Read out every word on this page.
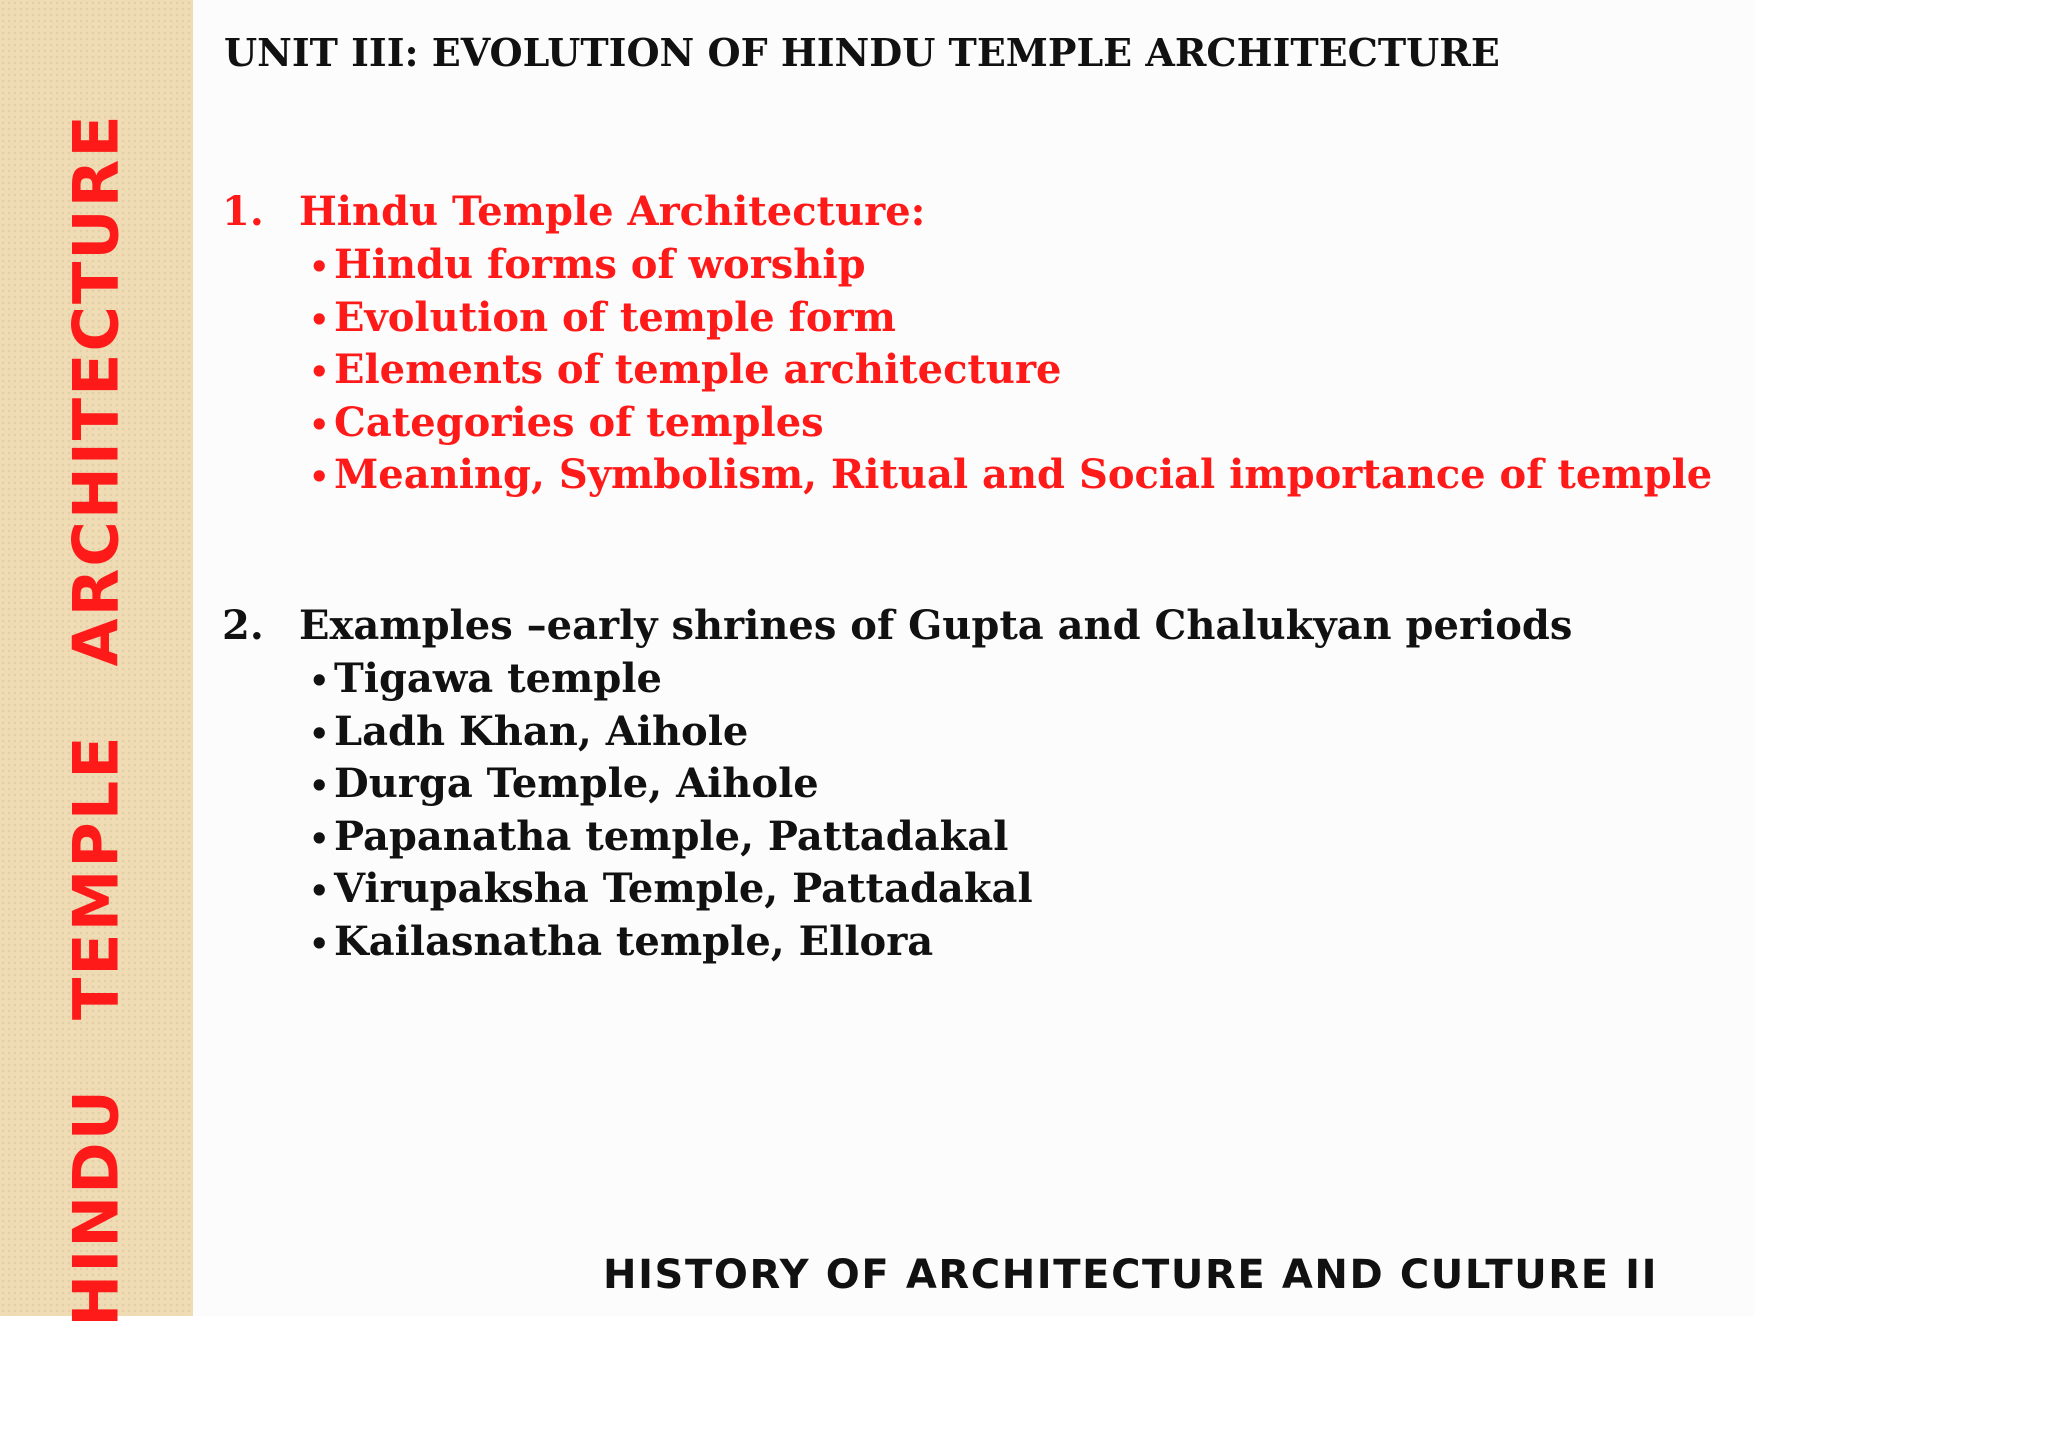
HINDUTEMPLEARCHITECTURE
UNIT III: EVOLUTION OF HINDU TEMPLE ARCHITECTURE
1. Hindu Temple Architecture:
• Hindu forms of worship
• Evolution of temple form
• Elements of temple architecture
• Categories of temples
• Meaning, Symbolism, Ritual and Social importance of temple
2. Examples –early shrines of Gupta and Chalukyan periods
• Tigawa temple
• Ladh Khan, Aihole
• Durga Temple, Aihole
• Papanatha temple, Pattadakal
• Virupaksha Temple, Pattadakal
• Kailasnatha temple, Ellora
HISTORY OF ARCHITECTURE AND CULTURE II
